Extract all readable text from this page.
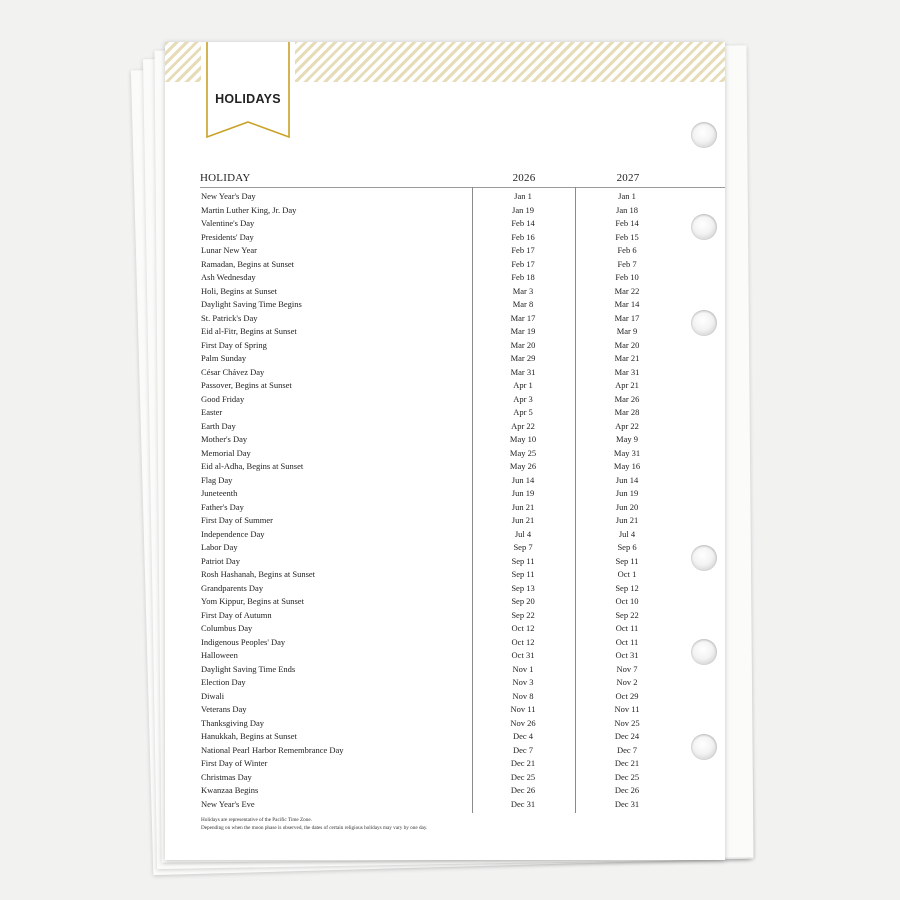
HOLIDAYS
HOLIDAY	2026	2027
New Year's Day	Jan 1	Jan 1
Martin Luther King, Jr. Day	Jan 19	Jan 18
Valentine's Day	Feb 14	Feb 14
Presidents' Day	Feb 16	Feb 15
Lunar New Year	Feb 17	Feb 6
Ramadan, Begins at Sunset	Feb 17	Feb 7
Ash Wednesday	Feb 18	Feb 10
Holi, Begins at Sunset	Mar 3	Mar 22
Daylight Saving Time Begins	Mar 8	Mar 14
St. Patrick's Day	Mar 17	Mar 17
Eid al-Fitr, Begins at Sunset	Mar 19	Mar 9
First Day of Spring	Mar 20	Mar 20
Palm Sunday	Mar 29	Mar 21
César Chávez Day	Mar 31	Mar 31
Passover, Begins at Sunset	Apr 1	Apr 21
Good Friday	Apr 3	Mar 26
Easter	Apr 5	Mar 28
Earth Day	Apr 22	Apr 22
Mother's Day	May 10	May 9
Memorial Day	May 25	May 31
Eid al-Adha, Begins at Sunset	May 26	May 16
Flag Day	Jun 14	Jun 14
Juneteenth	Jun 19	Jun 19
Father's Day	Jun 21	Jun 20
First Day of Summer	Jun 21	Jun 21
Independence Day	Jul 4	Jul 4
Labor Day	Sep 7	Sep 6
Patriot Day	Sep 11	Sep 11
Rosh Hashanah, Begins at Sunset	Sep 11	Oct 1
Grandparents Day	Sep 13	Sep 12
Yom Kippur, Begins at Sunset	Sep 20	Oct 10
First Day of Autumn	Sep 22	Sep 22
Columbus Day	Oct 12	Oct 11
Indigenous Peoples' Day	Oct 12	Oct 11
Halloween	Oct 31	Oct 31
Daylight Saving Time Ends	Nov 1	Nov 7
Election Day	Nov 3	Nov 2
Diwali	Nov 8	Oct 29
Veterans Day	Nov 11	Nov 11
Thanksgiving Day	Nov 26	Nov 25
Hanukkah, Begins at Sunset	Dec 4	Dec 24
National Pearl Harbor Remembrance Day	Dec 7	Dec 7
First Day of Winter	Dec 21	Dec 21
Christmas Day	Dec 25	Dec 25
Kwanzaa Begins	Dec 26	Dec 26
New Year's Eve	Dec 31	Dec 31
Holidays are representative of the Pacific Time Zone.
Depending on when the moon phase is observed, the dates of certain religious holidays may vary by one day.
